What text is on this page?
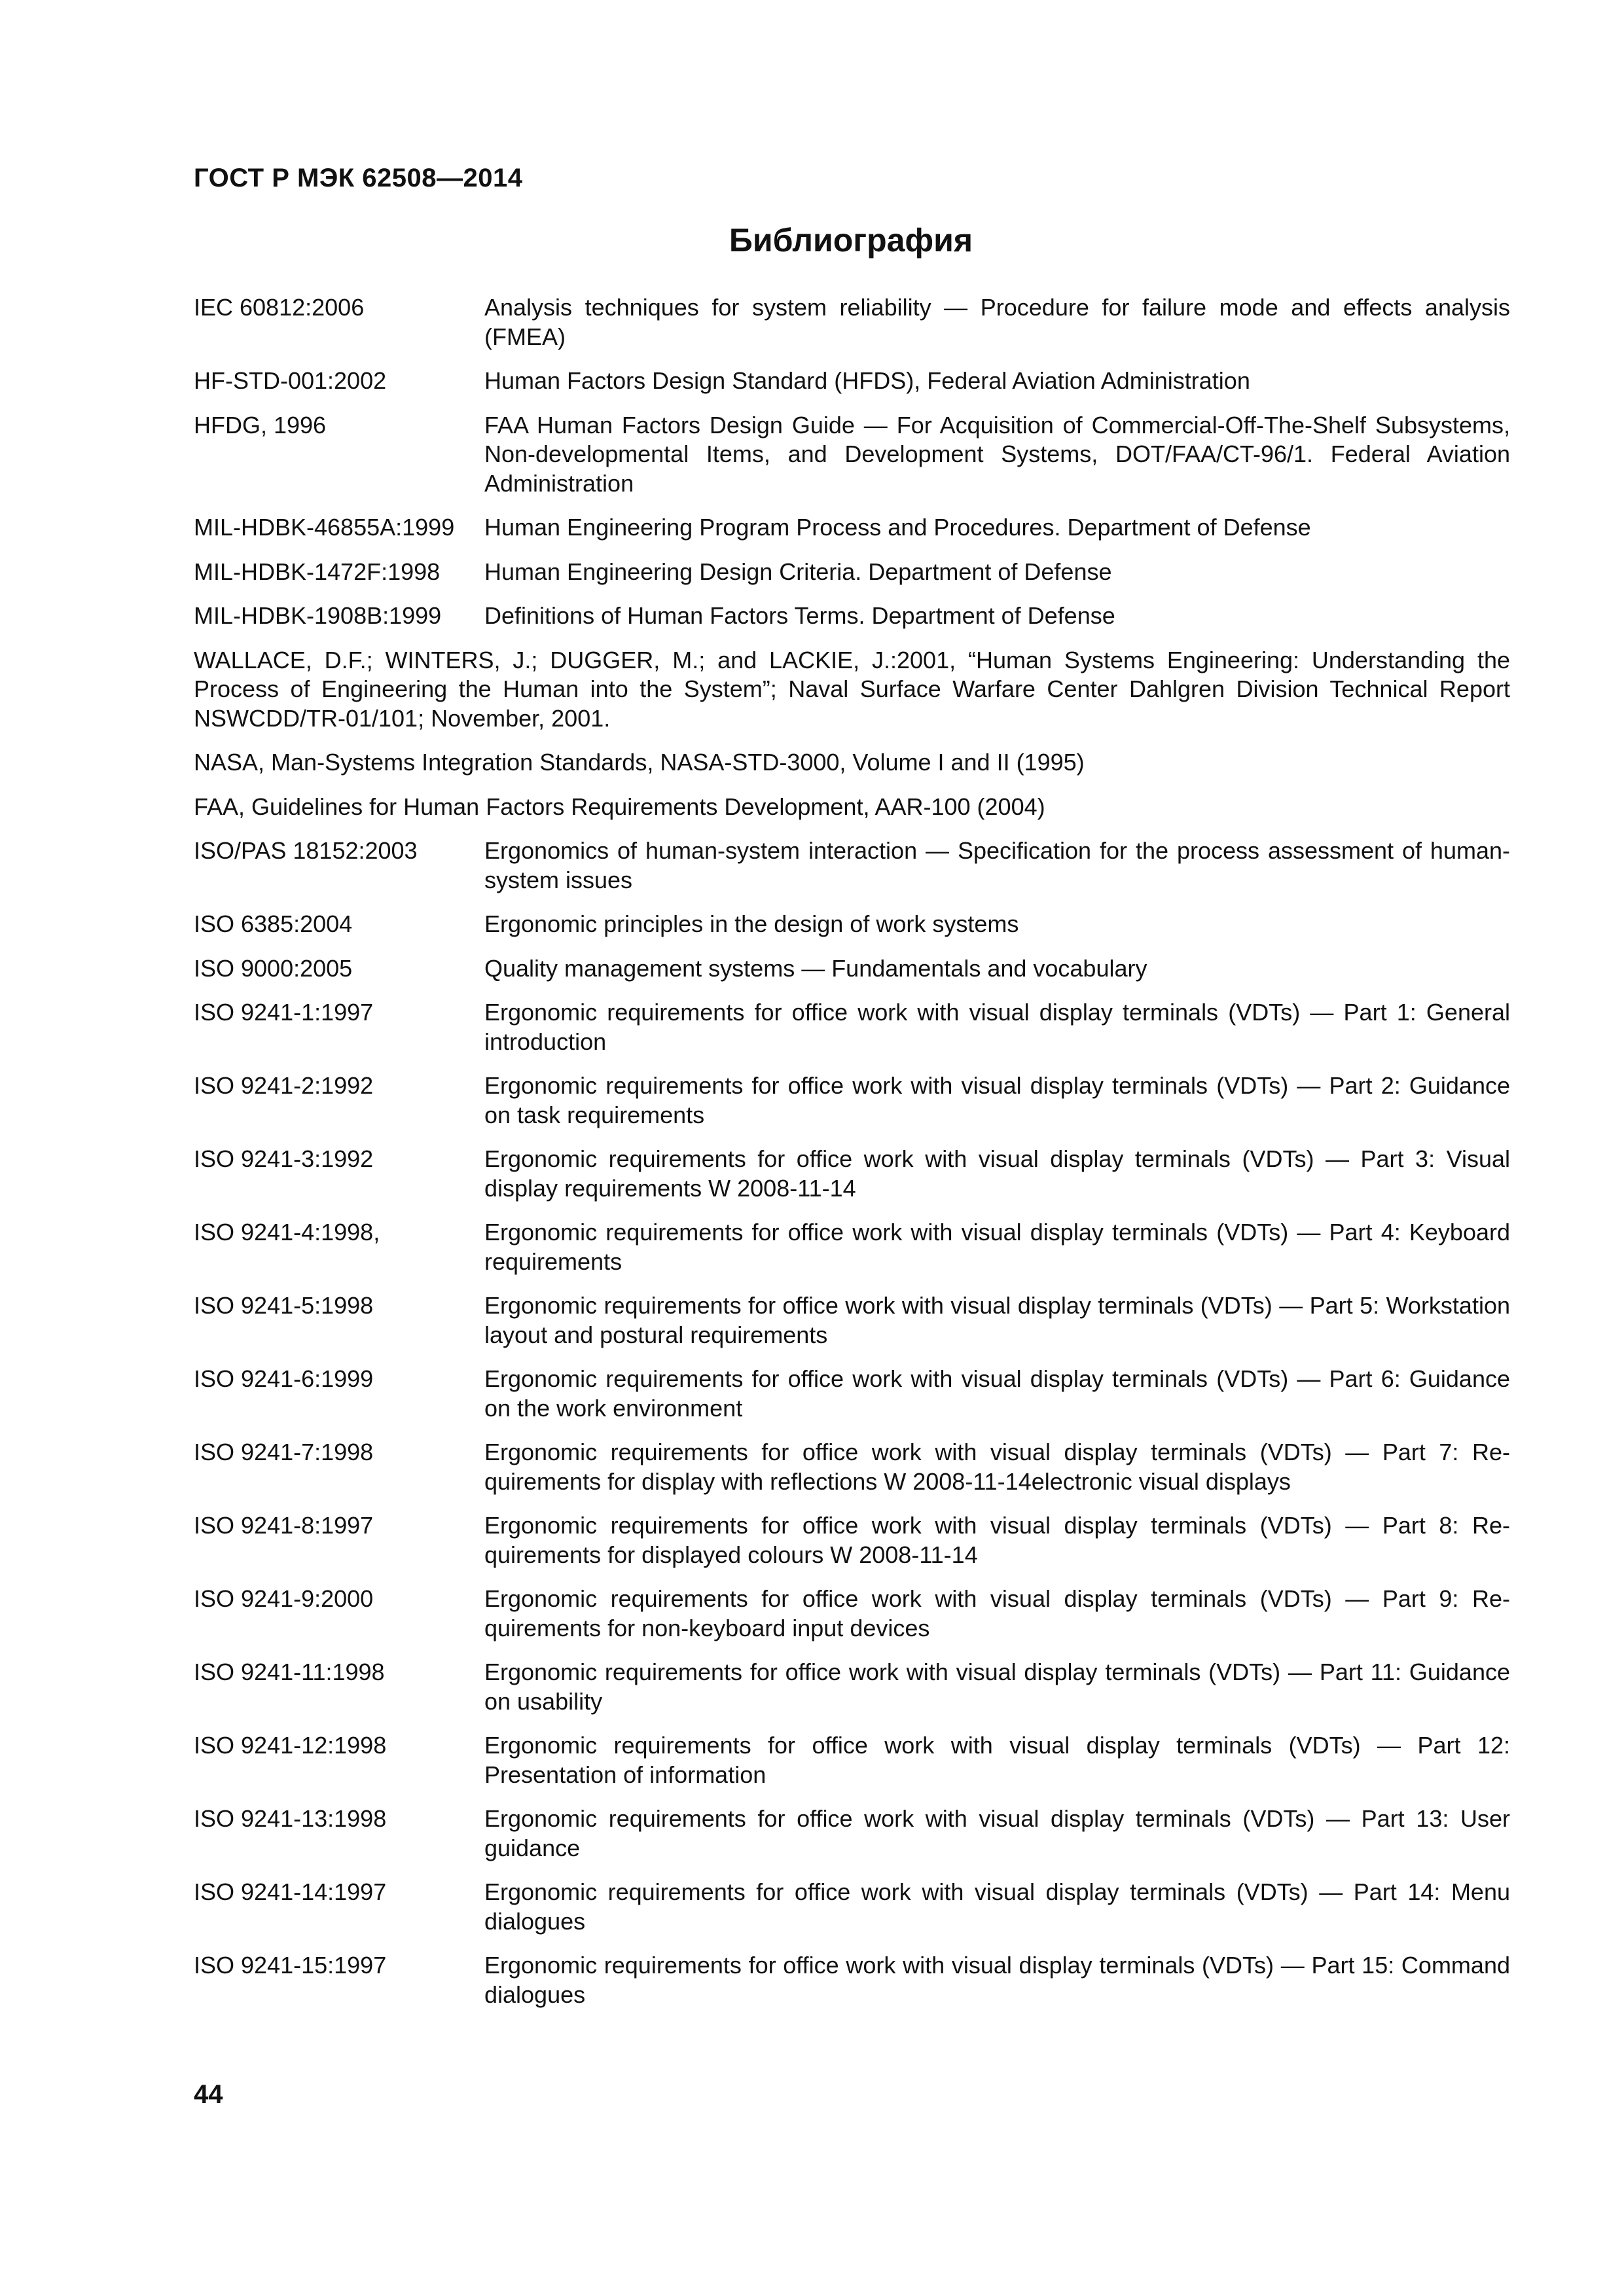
ГОСТ Р МЭК 62508—2014
Библиография
IEC 60812:2006	Analysis techniques for system reliability — Procedure for failure mode and effects analysis (FMEA)
HF-STD-001:2002	Human Factors Design Standard (HFDS), Federal Aviation Administration
HFDG, 1996	FAA Human Factors Design Guide — For Acquisition of Commercial-Off-The-Shelf Subsystems, Non-developmental Items, and Development Systems, DOT/FAA/CT-96/1. Federal Aviation Administration
MIL-HDBK-46855A:1999	Human Engineering Program Process and Procedures. Department of Defense
MIL-HDBK-1472F:1998	Human Engineering Design Criteria. Department of Defense
MIL-HDBK-1908B:1999	Definitions of Human Factors Terms. Department of Defense
WALLACE, D.F.; WINTERS, J.; DUGGER, M.; and LACKIE, J.:2001, “Human Systems Engineering: Understanding the Process of Engineering the Human into the System”; Naval Surface Warfare Center Dahlgren Division Technical Report NSWCDD/TR-01/101; November, 2001.
NASA, Man-Systems Integration Standards, NASA-STD-3000, Volume I and II (1995)
FAA, Guidelines for Human Factors Requirements Development, AAR-100 (2004)
ISO/PAS 18152:2003	Ergonomics of human-system interaction — Specification for the process assessment of human-system issues
ISO 6385:2004	Ergonomic principles in the design of work systems
ISO 9000:2005	Quality management systems — Fundamentals and vocabulary
ISO 9241-1:1997	Ergonomic requirements for office work with visual display terminals (VDTs) — Part 1: General introduction
ISO 9241-2:1992	Ergonomic requirements for office work with visual display terminals (VDTs) — Part 2: Guidance on task requirements
ISO 9241-3:1992	Ergonomic requirements for office work with visual display terminals (VDTs) — Part 3: Visual display requirements W 2008-11-14
ISO 9241-4:1998,	Ergonomic requirements for office work with visual display terminals (VDTs) — Part 4: Keyboard requirements
ISO 9241-5:1998	Ergonomic requirements for office work with visual display terminals (VDTs) — Part 5: Workstation layout and postural requirements
ISO 9241-6:1999	Ergonomic requirements for office work with visual display terminals (VDTs) — Part 6: Guidance on the work environment
ISO 9241-7:1998	Ergonomic requirements for office work with visual display terminals (VDTs) — Part 7: Requirements for display with reflections W 2008-11-14electronic visual displays
ISO 9241-8:1997	Ergonomic requirements for office work with visual display terminals (VDTs) — Part 8: Requirements for displayed colours W 2008-11-14
ISO 9241-9:2000	Ergonomic requirements for office work with visual display terminals (VDTs) — Part 9: Requirements for non-keyboard input devices
ISO 9241-11:1998	Ergonomic requirements for office work with visual display terminals (VDTs) — Part 11: Guidance on usability
ISO 9241-12:1998	Ergonomic requirements for office work with visual display terminals (VDTs) — Part 12: Presentation of information
ISO 9241-13:1998	Ergonomic requirements for office work with visual display terminals (VDTs) — Part 13: User guidance
ISO 9241-14:1997	Ergonomic requirements for office work with visual display terminals (VDTs) — Part 14: Menu dialogues
ISO 9241-15:1997	Ergonomic requirements for office work with visual display terminals (VDTs) — Part 15: Command dialogues
44
